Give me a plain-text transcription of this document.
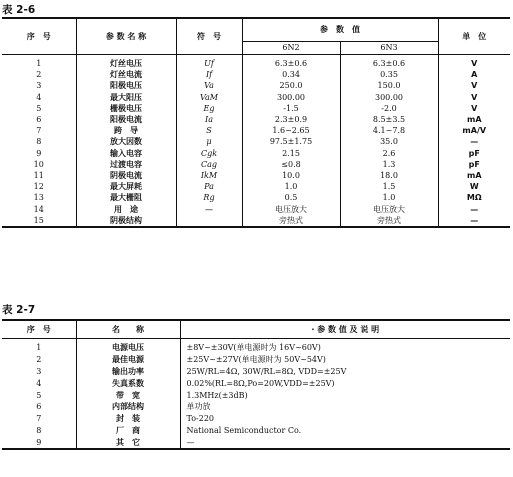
表 2-6
序　号	参 数 名 称	符　号	参　数　值		单　位
			6N2	6N3	
1	灯丝电压	Uf	6.3±0.6	6.3±0.6	V
2	灯丝电流	If	0.34	0.35	A
3	阳极电压	Va	250.0	150.0	V
4	最大阳压	VaM	300.00	300.00	V
5	栅极电压	Eg	-1.5	-2.0	V
6	阳极电流	Ia	2.3±0.9	8.5±3.5	mA
7	跨　导	S	1.6~2.65	4.1~7.8	mA/V
8	放大因数	μ	97.5±1.75	35.0	—
9	输入电容	Cgk	2.15	2.6	pF
10	过渡电容	Cag	≤0.8	1.3	pF
11	阴极电流	IkM	10.0	18.0	mA
12	最大屏耗	Pa	1.0	1.5	W
13	最大栅阻	Rg	0.5	1.0	MΩ
14	用　途	—	电压放大	电压放大	—
15	阴极结构		旁热式	旁热式	—
表 2-7
序　号	名　　称	· 参 数 值 及 说 明
1	电源电压	±8V~±30V(单电源时为 16V~60V)
2	最佳电源	±25V~±27V(单电源时为 50V~54V)
3	输出功率	25W/RL=4Ω, 30W/RL=8Ω, VDD=±25V
4	失真系数	0.02%(RL=8Ω,Po=20W,VDD=±25V)
5	带　宽	1.3MHz(±3dB)
6	内部结构	单功放
7	封　装	To-220
8	厂　商	National Semiconductor Co.
9	其　它	—
